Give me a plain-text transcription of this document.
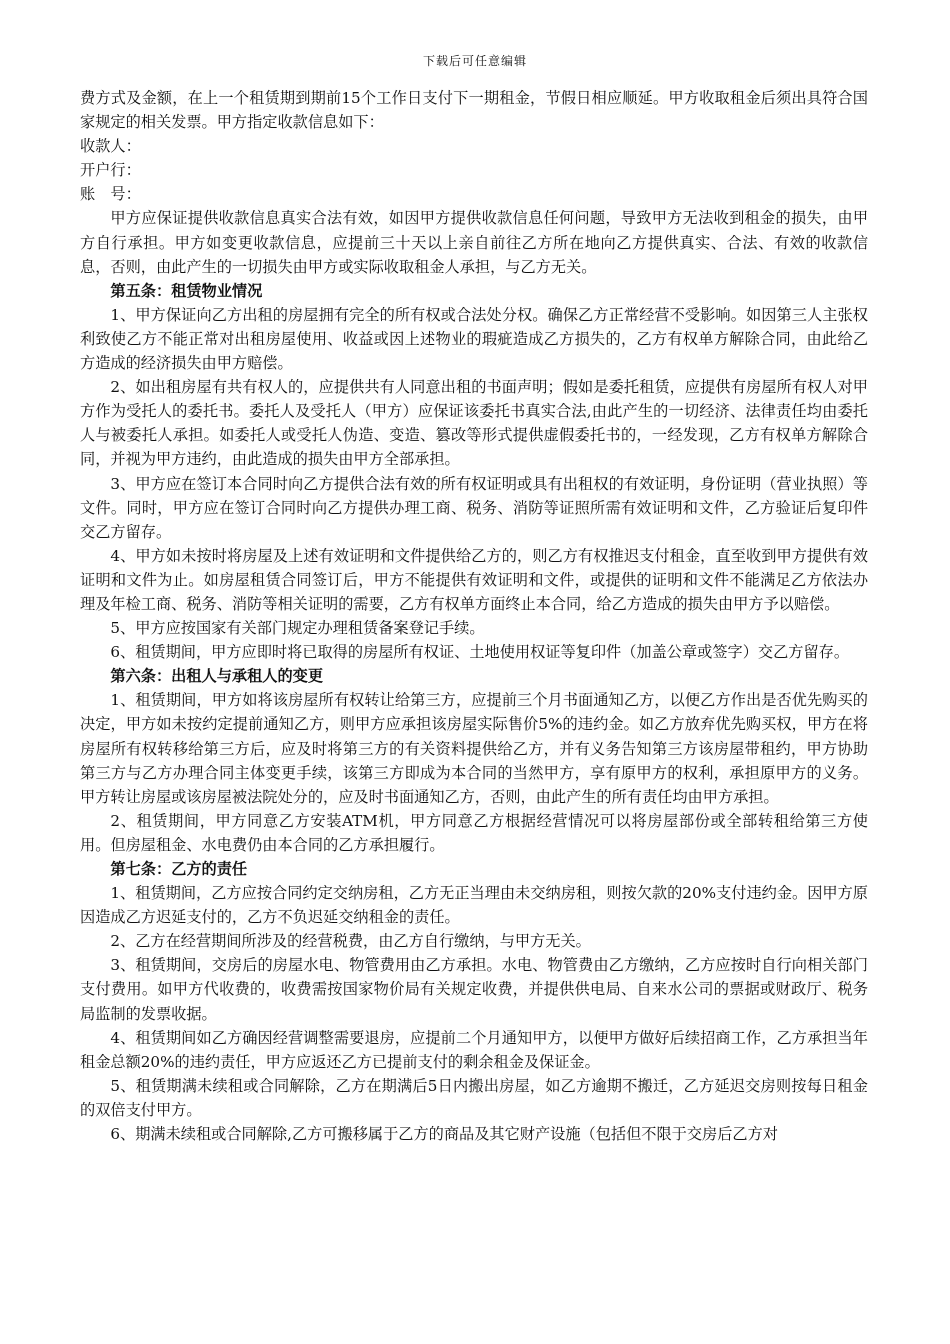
下载后可任意编辑

费方式及金额，在上一个租赁期到期前15个工作日支付下一期租金，节假日相应顺延。甲方收取租金后须出具符合国家规定的相关发票。甲方指定收款信息如下：

收款人：

开户行：

账　号：

甲方应保证提供收款信息真实合法有效，如因甲方提供收款信息任何问题，导致甲方无法收到租金的损失，由甲方自行承担。甲方如变更收款信息，应提前三十天以上亲自前往乙方所在地向乙方提供真实、合法、有效的收款信息，否则，由此产生的一切损失由甲方或实际收取租金人承担，与乙方无关。

第五条：租赁物业情况

1、甲方保证向乙方出租的房屋拥有完全的所有权或合法处分权。确保乙方正常经营不受影响。如因第三人主张权利致使乙方不能正常对出租房屋使用、收益或因上述物业的瑕疵造成乙方损失的，乙方有权单方解除合同，由此给乙方造成的经济损失由甲方赔偿。

2、如出租房屋有共有权人的，应提供共有人同意出租的书面声明；假如是委托租赁，应提供有房屋所有权人对甲方作为受托人的委托书。委托人及受托人（甲方）应保证该委托书真实合法,由此产生的一切经济、法律责任均由委托人与被委托人承担。如委托人或受托人伪造、变造、篡改等形式提供虚假委托书的，一经发现，乙方有权单方解除合同，并视为甲方违约，由此造成的损失由甲方全部承担。

3、甲方应在签订本合同时向乙方提供合法有效的所有权证明或具有出租权的有效证明，身份证明（营业执照）等文件。同时，甲方应在签订合同时向乙方提供办理工商、税务、消防等证照所需有效证明和文件，乙方验证后复印件交乙方留存。

4、甲方如未按时将房屋及上述有效证明和文件提供给乙方的，则乙方有权推迟支付租金，直至收到甲方提供有效证明和文件为止。如房屋租赁合同签订后，甲方不能提供有效证明和文件，或提供的证明和文件不能满足乙方依法办理及年检工商、税务、消防等相关证明的需要，乙方有权单方面终止本合同，给乙方造成的损失由甲方予以赔偿。

5、甲方应按国家有关部门规定办理租赁备案登记手续。

6、租赁期间，甲方应即时将已取得的房屋所有权证、土地使用权证等复印件（加盖公章或签字）交乙方留存。

第六条：出租人与承租人的变更

1、租赁期间，甲方如将该房屋所有权转让给第三方，应提前三个月书面通知乙方，以便乙方作出是否优先购买的决定，甲方如未按约定提前通知乙方，则甲方应承担该房屋实际售价5%的违约金。如乙方放弃优先购买权，甲方在将房屋所有权转移给第三方后，应及时将第三方的有关资料提供给乙方，并有义务告知第三方该房屋带租约，甲方协助第三方与乙方办理合同主体变更手续，该第三方即成为本合同的当然甲方，享有原甲方的权利，承担原甲方的义务。甲方转让房屋或该房屋被法院处分的，应及时书面通知乙方，否则，由此产生的所有责任均由甲方承担。

2、租赁期间，甲方同意乙方安装ATM机，甲方同意乙方根据经营情况可以将房屋部份或全部转租给第三方使用。但房屋租金、水电费仍由本合同的乙方承担履行。

第七条：乙方的责任

1、租赁期间，乙方应按合同约定交纳房租，乙方无正当理由未交纳房租，则按欠款的20%支付违约金。因甲方原因造成乙方迟延支付的，乙方不负迟延交纳租金的责任。

2、乙方在经营期间所涉及的经营税费，由乙方自行缴纳，与甲方无关。

3、租赁期间，交房后的房屋水电、物管费用由乙方承担。水电、物管费由乙方缴纳，乙方应按时自行向相关部门支付费用。如甲方代收费的，收费需按国家物价局有关规定收费，并提供供电局、自来水公司的票据或财政厅、税务局监制的发票收据。

4、租赁期间如乙方确因经营调整需要退房，应提前二个月通知甲方，以便甲方做好后续招商工作，乙方承担当年租金总额20%的违约责任，甲方应返还乙方已提前支付的剩余租金及保证金。

5、租赁期满未续租或合同解除，乙方在期满后5日内搬出房屋，如乙方逾期不搬迁，乙方延迟交房则按每日租金的双倍支付甲方。

6、期满未续租或合同解除,乙方可搬移属于乙方的商品及其它财产设施（包括但不限于交房后乙方对
